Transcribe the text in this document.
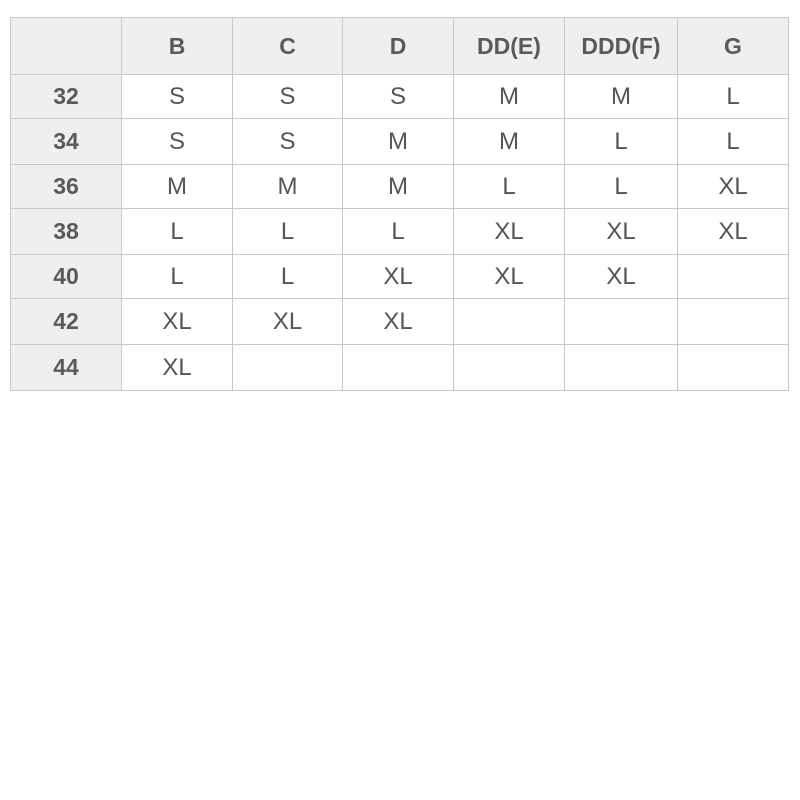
	B	C	D	DD(E)	DDD(F)	G
32	S	S	S	M	M	L
34	S	S	M	M	L	L
36	M	M	M	L	L	XL
38	L	L	L	XL	XL	XL
40	L	L	XL	XL	XL	
42	XL	XL	XL			
44	XL					
